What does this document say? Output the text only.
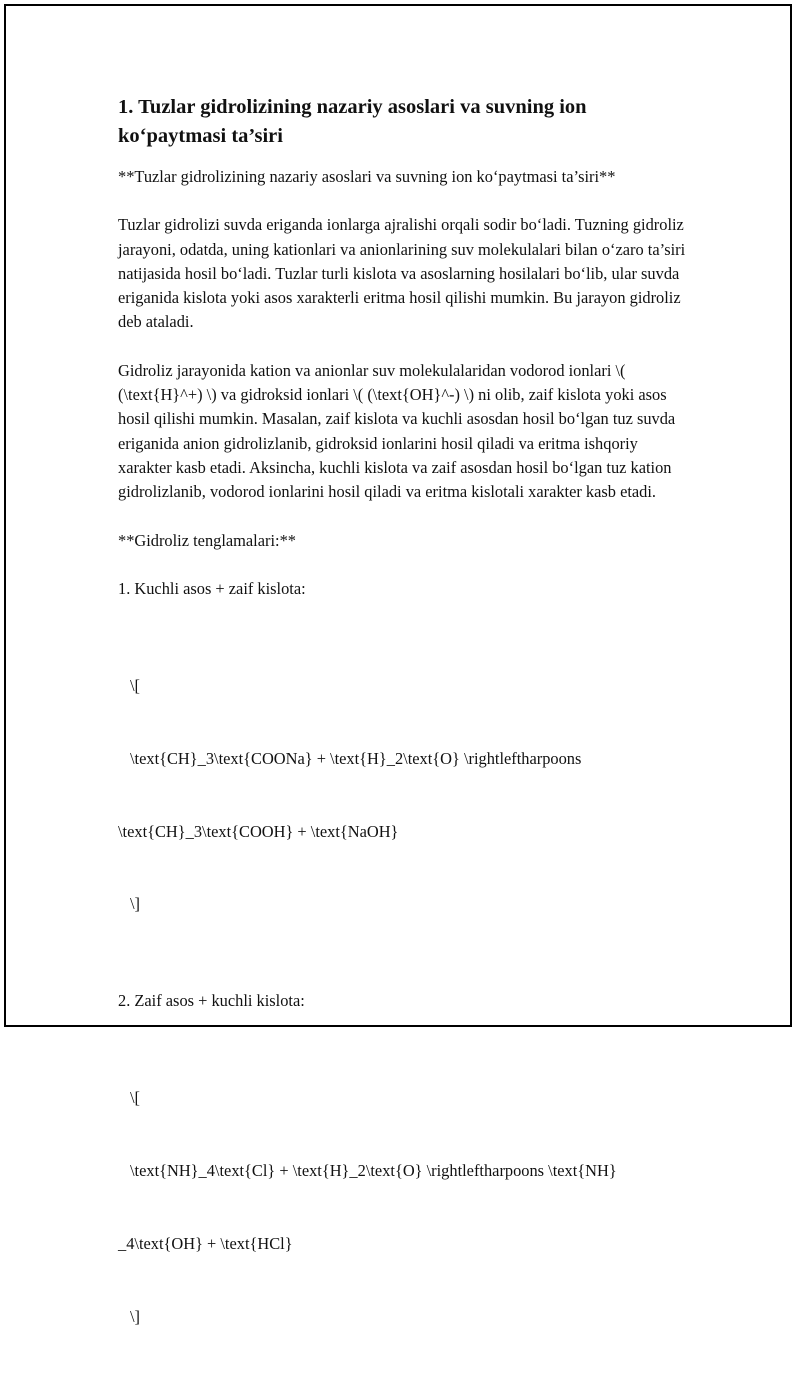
1. Tuzlar gidrolizining nazariy asoslari va suvning ion ko‘paytmasi ta’siri

**Tuzlar gidrolizining nazariy asoslari va suvning ion ko‘paytmasi ta’siri**

Tuzlar gidrolizi suvda eriganda ionlarga ajralishi orqali sodir bo‘ladi. Tuzning gidroliz jarayoni, odatda, uning kationlari va anionlarining suv molekulalari bilan o‘zaro ta’siri natijasida hosil bo‘ladi. Tuzlar turli kislota va asoslarning hosilalari bo‘lib, ular suvda eriganida kislota yoki asos xarakterli eritma hosil qilishi mumkin. Bu jarayon gidroliz deb ataladi.

Gidroliz jarayonida kation va anionlar suv molekulalaridan vodorod ionlari \( (\text{H}^+) \) va gidroksid ionlari \( (\text{OH}^-) \) ni olib, zaif kislota yoki asos hosil qilishi mumkin. Masalan, zaif kislota va kuchli asosdan hosil bo‘lgan tuz suvda eriganida anion gidrolizlanib, gidroksid ionlarini hosil qiladi va eritma ishqoriy xarakter kasb etadi. Aksincha, kuchli kislota va zaif asosdan hosil bo‘lgan tuz kation gidrolizlanib, vodorod ionlarini hosil qiladi va eritma kislotali xarakter kasb etadi.

**Gidroliz tenglamalari:**

1. Kuchli asos + zaif kislota:

\[

\text{CH}_3\text{COONa} + \text{H}_2\text{O} \rightleftharpoons

\text{CH}_3\text{COOH} + \text{NaOH}

\]

2. Zaif asos + kuchli kislota:

\[

\text{NH}_4\text{Cl} + \text{H}_2\text{O} \rightleftharpoons \text{NH}

_4\text{OH} + \text{HCl}

\]
